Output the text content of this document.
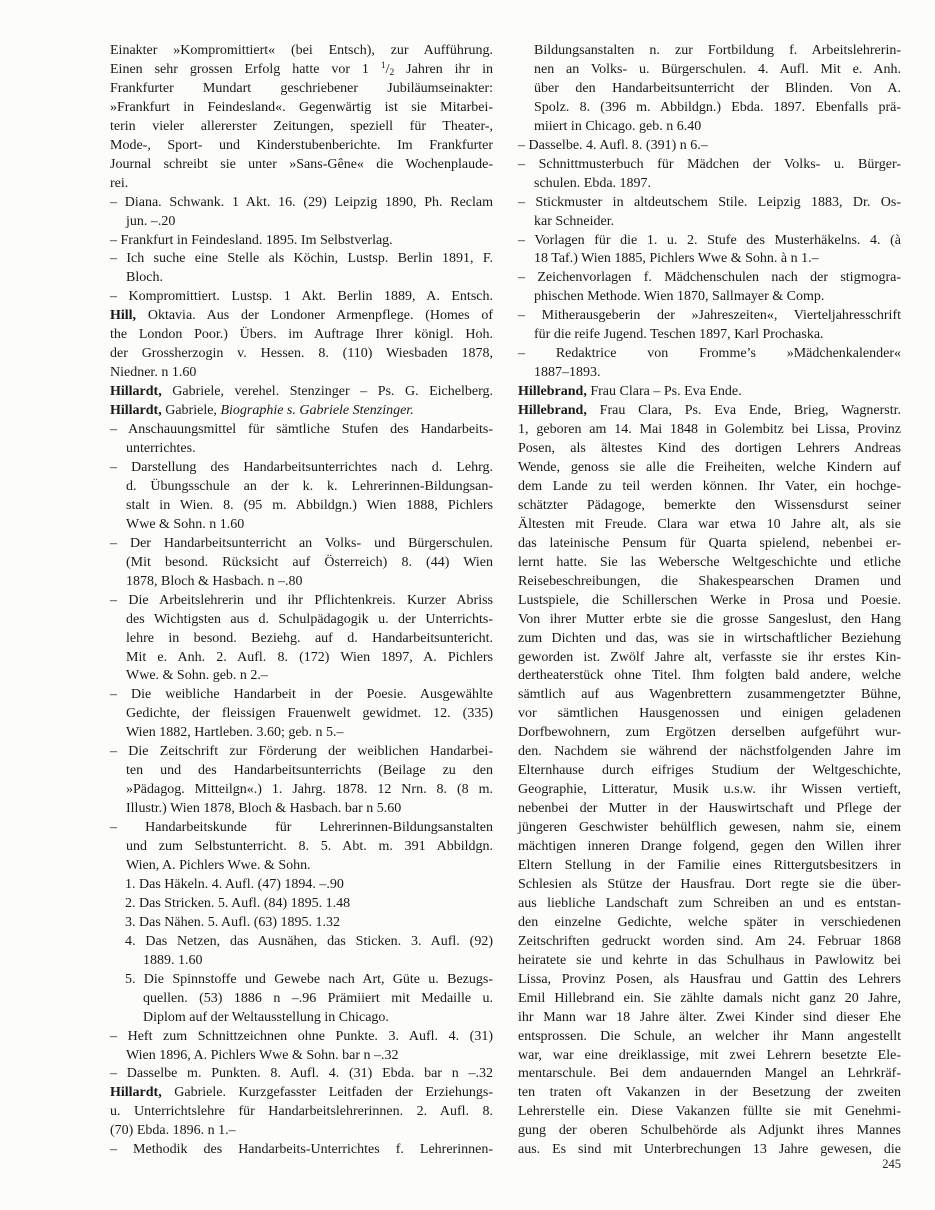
Einakter »Kompromittiert« (bei Entsch), zur Aufführung.
Einen sehr grossen Erfolg hatte vor 1 $^1/_2$ Jahren ihr in
Frankfurter Mundart geschriebener Jubiläumseinakter:
»Frankfurt in Feindesland«. Gegenwärtig ist sie Mitarbei-
terin vieler allererster Zeitungen, speziell für Theater-,
Mode-, Sport- und Kinderstubenberichte. Im Frankfurter
Journal schreibt sie unter »Sans-Gêne« die Wochenplaude-
rei.
– Diana. Schwank. 1 Akt. 16. (29) Leipzig 1890, Ph. Reclam
jun. –.20
– Frankfurt in Feindesland. 1895. Im Selbstverlag.
– Ich suche eine Stelle als Köchin, Lustsp. Berlin 1891, F.
Bloch.
– Kompromittiert. Lustsp. 1 Akt. Berlin 1889, A. Entsch.
Hill, Oktavia. Aus der Londoner Armenpflege. (Homes of
the London Poor.) Übers. im Auftrage Ihrer königl. Hoh.
der Grossherzogin v. Hessen. 8. (110) Wiesbaden 1878,
Niedner. n 1.60
Hillardt, Gabriele, verehel. Stenzinger – Ps. G. Eichelberg.
Hillardt, Gabriele, Biographie s. Gabriele Stenzinger.
– Anschauungsmittel für sämtliche Stufen des Handarbeits-
unterrichtes.
– Darstellung des Handarbeitsunterrichtes nach d. Lehrg.
d. Übungsschule an der k. k. Lehrerinnen-Bildungsan-
stalt in Wien. 8. (95 m. Abbildgn.) Wien 1888, Pichlers
Wwe & Sohn. n 1.60
– Der Handarbeitsunterricht an Volks- und Bürgerschulen.
(Mit besond. Rücksicht auf Österreich) 8. (44) Wien
1878, Bloch & Hasbach. n –.80
– Die Arbeitslehrerin und ihr Pflichtenkreis. Kurzer Abriss
des Wichtigsten aus d. Schulpädagogik u. der Unterrichts-
lehre in besond. Beziehg. auf d. Handarbeitsuntericht.
Mit e. Anh. 2. Aufl. 8. (172) Wien 1897, A. Pichlers
Wwe. & Sohn. geb. n 2.–
– Die weibliche Handarbeit in der Poesie. Ausgewählte
Gedichte, der fleissigen Frauenwelt gewidmet. 12. (335)
Wien 1882, Hartleben. 3.60; geb. n 5.–
– Die Zeitschrift zur Förderung der weiblichen Handarbei-
ten und des Handarbeitsunterrichts (Beilage zu den
»Pädagog. Mitteilgn«.) 1. Jahrg. 1878. 12 Nrn. 8. (8 m.
Illustr.) Wien 1878, Bloch & Hasbach. bar n 5.60
– Handarbeitskunde für Lehrerinnen-Bildungsanstalten
und zum Selbstunterricht. 8. 5. Abt. m. 391 Abbildgn.
Wien, A. Pichlers Wwe. & Sohn.
1. Das Häkeln. 4. Aufl. (47) 1894. –.90
2. Das Stricken. 5. Aufl. (84) 1895. 1.48
3. Das Nähen. 5. Aufl. (63) 1895. 1.32
4. Das Netzen, das Ausnähen, das Sticken. 3. Aufl. (92)
1889. 1.60
5. Die Spinnstoffe und Gewebe nach Art, Güte u. Bezugs-
quellen. (53) 1886 n –.96 Prämiiert mit Medaille u.
Diplom auf der Weltausstellung in Chicago.
– Heft zum Schnittzeichnen ohne Punkte. 3. Aufl. 4. (31)
Wien 1896, A. Pichlers Wwe & Sohn. bar n –.32
– Dasselbe m. Punkten. 8. Aufl. 4. (31) Ebda. bar n –.32
Hillardt, Gabriele. Kurzgefasster Leitfaden der Erziehungs-
u. Unterrichtslehre für Handarbeitslehrerinnen. 2. Aufl. 8.
(70) Ebda. 1896. n 1.–
– Methodik des Handarbeits-Unterrichtes f. Lehrerinnen-
Bildungsanstalten n. zur Fortbildung f. Arbeitslehrerin-
nen an Volks- u. Bürgerschulen. 4. Aufl. Mit e. Anh.
über den Handarbeitsunterricht der Blinden. Von A.
Spolz. 8. (396 m. Abbildgn.) Ebda. 1897. Ebenfalls prä-
miiert in Chicago. geb. n 6.40
– Dasselbe. 4. Aufl. 8. (391) n 6.–
– Schnittmusterbuch für Mädchen der Volks- u. Bürger-
schulen. Ebda. 1897.
– Stickmuster in altdeutschem Stile. Leipzig 1883, Dr. Os-
kar Schneider.
– Vorlagen für die 1. u. 2. Stufe des Musterhäkelns. 4. (à
18 Taf.) Wien 1885, Pichlers Wwe & Sohn. à n 1.–
– Zeichenvorlagen f. Mädchenschulen nach der stigmogra-
phischen Methode. Wien 1870, Sallmayer & Comp.
– Mitherausgeberin der »Jahreszeiten«, Vierteljahresschrift
für die reife Jugend. Teschen 1897, Karl Prochaska.
– Redaktrice von Fromme’s »Mädchenkalender«
1887–1893.
Hillebrand, Frau Clara – Ps. Eva Ende.
Hillebrand, Frau Clara, Ps. Eva Ende, Brieg, Wagnerstr.
1, geboren am 14. Mai 1848 in Golembitz bei Lissa, Provinz
Posen, als ältestes Kind des dortigen Lehrers Andreas
Wende, genoss sie alle die Freiheiten, welche Kindern auf
dem Lande zu teil werden können. Ihr Vater, ein hochge-
schätzter Pädagoge, bemerkte den Wissensdurst seiner
Ältesten mit Freude. Clara war etwa 10 Jahre alt, als sie
das lateinische Pensum für Quarta spielend, nebenbei er-
lernt hatte. Sie las Webersche Weltgeschichte und etliche
Reisebeschreibungen, die Shakespearschen Dramen und
Lustspiele, die Schillerschen Werke in Prosa und Poesie.
Von ihrer Mutter erbte sie die grosse Sangeslust, den Hang
zum Dichten und das, was sie in wirtschaftlicher Beziehung
geworden ist. Zwölf Jahre alt, verfasste sie ihr erstes Kin-
dertheaterstück ohne Titel. Ihm folgten bald andere, welche
sämtlich auf aus Wagenbrettern zusammengetzter Bühne,
vor sämtlichen Hausgenossen und einigen geladenen
Dorfbewohnern, zum Ergötzen derselben aufgeführt wur-
den. Nachdem sie während der nächstfolgenden Jahre im
Elternhause durch eifriges Studium der Weltgeschichte,
Geographie, Litteratur, Musik u.s.w. ihr Wissen vertieft,
nebenbei der Mutter in der Hauswirtschaft und Pflege der
jüngeren Geschwister behülflich gewesen, nahm sie, einem
mächtigen inneren Drange folgend, gegen den Willen ihrer
Eltern Stellung in der Familie eines Rittergutsbesitzers in
Schlesien als Stütze der Hausfrau. Dort regte sie die über-
aus liebliche Landschaft zum Schreiben an und es entstan-
den einzelne Gedichte, welche später in verschiedenen
Zeitschriften gedruckt worden sind. Am 24. Februar 1868
heiratete sie und kehrte in das Schulhaus in Pawlowitz bei
Lissa, Provinz Posen, als Hausfrau und Gattin des Lehrers
Emil Hillebrand ein. Sie zählte damals nicht ganz 20 Jahre,
ihr Mann war 18 Jahre älter. Zwei Kinder sind dieser Ehe
entsprossen. Die Schule, an welcher ihr Mann angestellt
war, war eine dreiklassige, mit zwei Lehrern besetzte Ele-
mentarschule. Bei dem andauernden Mangel an Lehrkräf-
ten traten oft Vakanzen in der Besetzung der zweiten
Lehrerstelle ein. Diese Vakanzen füllte sie mit Genehmi-
gung der oberen Schulbehörde als Adjunkt ihres Mannes
aus. Es sind mit Unterbrechungen 13 Jahre gewesen, die
245
